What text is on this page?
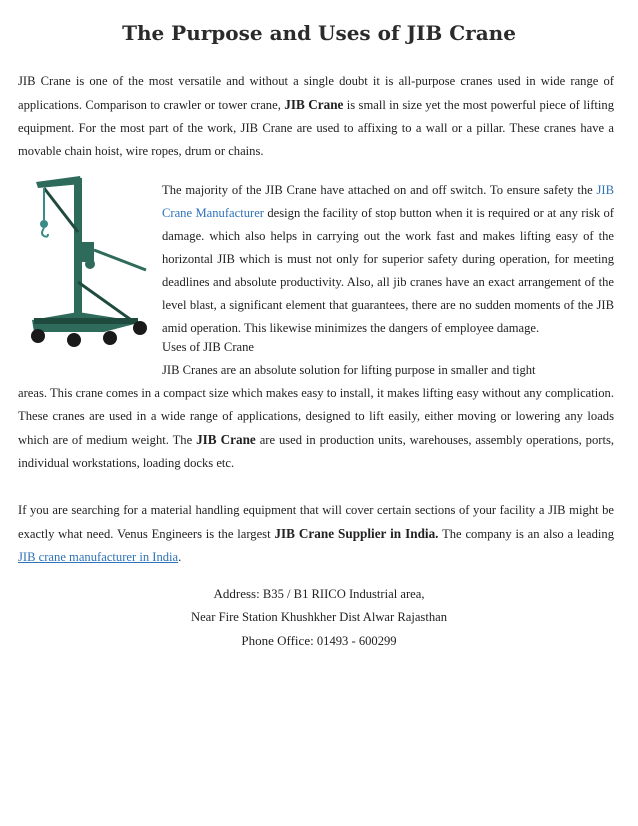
The Purpose and Uses of JIB Crane

JIB Crane is one of the most versatile and without a single doubt it is all-purpose cranes used in wide range of applications. Comparison to crawler or tower crane, JIB Crane is small in size yet the most powerful piece of lifting equipment. For the most part of the work, JIB Crane are used to affixing to a wall or a pillar. These cranes have a movable chain hoist, wire ropes, drum or chains.

The majority of the JIB Crane have attached on and off switch. To ensure safety the JIB Crane Manufacturer design the facility of stop button when it is required or at any risk of damage. which also helps in carrying out the work fast and makes lifting easy of the horizontal JIB which is must not only for superior safety during operation, for meeting deadlines and absolute productivity. Also, all jib cranes have an exact arrangement of the level blast, a significant element that guarantees, there are no sudden moments of the JIB amid operation. This likewise minimizes the dangers of employee damage.

Uses of JIB Crane

JIB Cranes are an absolute solution for lifting purpose in smaller and tight

areas. This crane comes in a compact size which makes easy to install, it makes lifting easy without any complication. These cranes are used in a wide range of applications, designed to lift easily, either moving or lowering any loads which are of medium weight. The JIB Crane are used in production units, warehouses, assembly operations, ports, individual workstations, loading docks etc.

If you are searching for a material handling equipment that will cover certain sections of your facility a JIB might be exactly what need. Venus Engineers is the largest JIB Crane Supplier in India. The company is an also a leading JIB crane manufacturer in India.

Address: B35 / B1 RIICO Industrial area,
Near Fire Station Khushkher Dist Alwar Rajasthan
Phone Office: 01493 - 600299
